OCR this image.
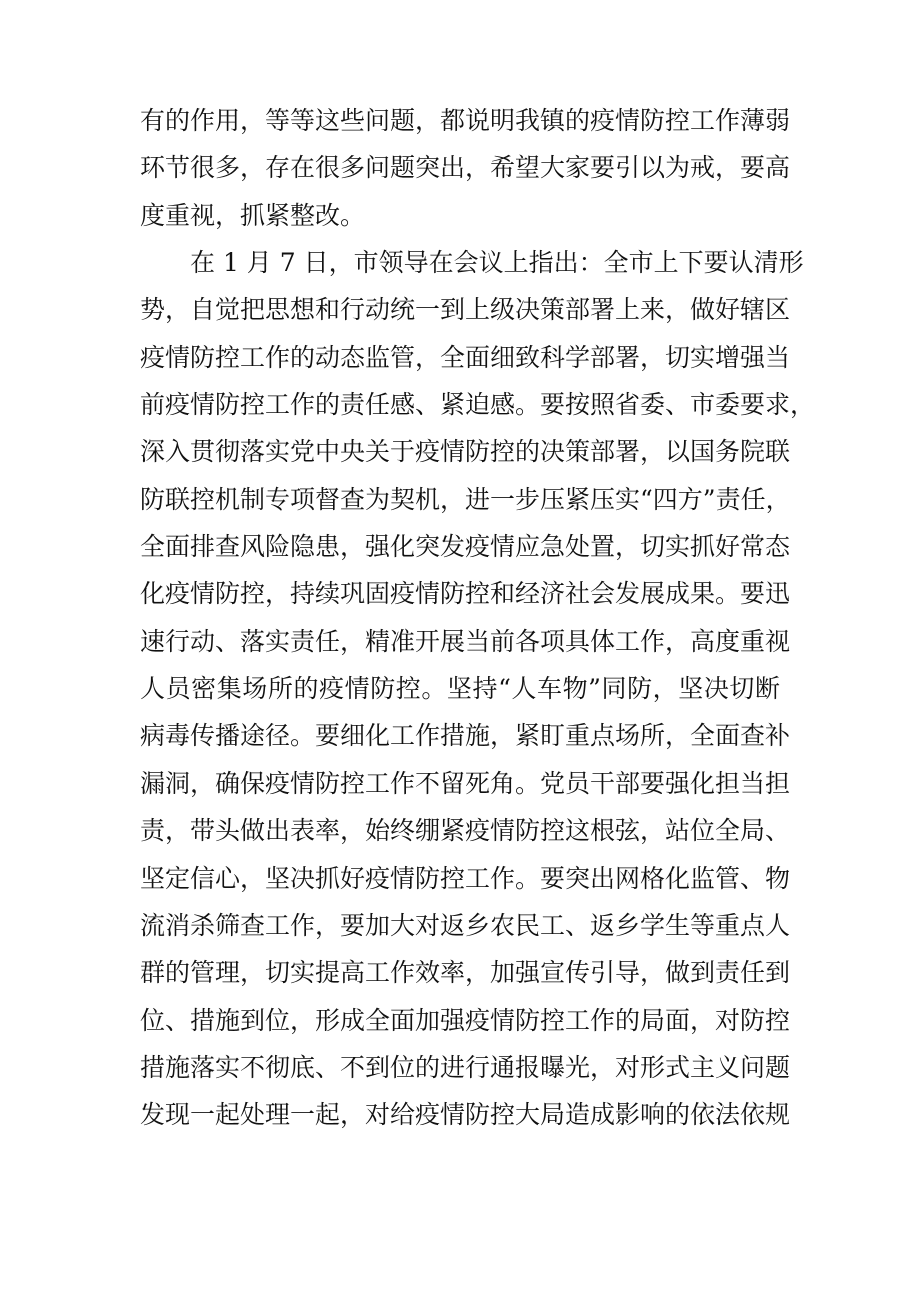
有的作用，等等这些问题，都说明我镇的疫情防控工作薄弱
环节很多，存在很多问题突出，希望大家要引以为戒，要高
度重视，抓紧整改。
在 1 月 7 日，市领导在会议上指出：全市上下要认清形
势，自觉把思想和行动统一到上级决策部署上来，做好辖区
疫情防控工作的动态监管，全面细致科学部署，切实增强当
前疫情防控工作的责任感、紧迫感。要按照省委、市委要求，
深入贯彻落实党中央关于疫情防控的决策部署，以国务院联
防联控机制专项督查为契机，进一步压紧压实“四方”责任，
全面排查风险隐患，强化突发疫情应急处置，切实抓好常态
化疫情防控，持续巩固疫情防控和经济社会发展成果。要迅
速行动、落实责任，精准开展当前各项具体工作，高度重视
人员密集场所的疫情防控。坚持“人车物”同防，坚决切断
病毒传播途径。要细化工作措施，紧盯重点场所，全面查补
漏洞，确保疫情防控工作不留死角。党员干部要强化担当担
责，带头做出表率，始终绷紧疫情防控这根弦，站位全局、
坚定信心，坚决抓好疫情防控工作。要突出网格化监管、物
流消杀筛查工作，要加大对返乡农民工、返乡学生等重点人
群的管理，切实提高工作效率，加强宣传引导，做到责任到
位、措施到位，形成全面加强疫情防控工作的局面，对防控
措施落实不彻底、不到位的进行通报曝光，对形式主义问题
发现一起处理一起，对给疫情防控大局造成影响的依法依规
